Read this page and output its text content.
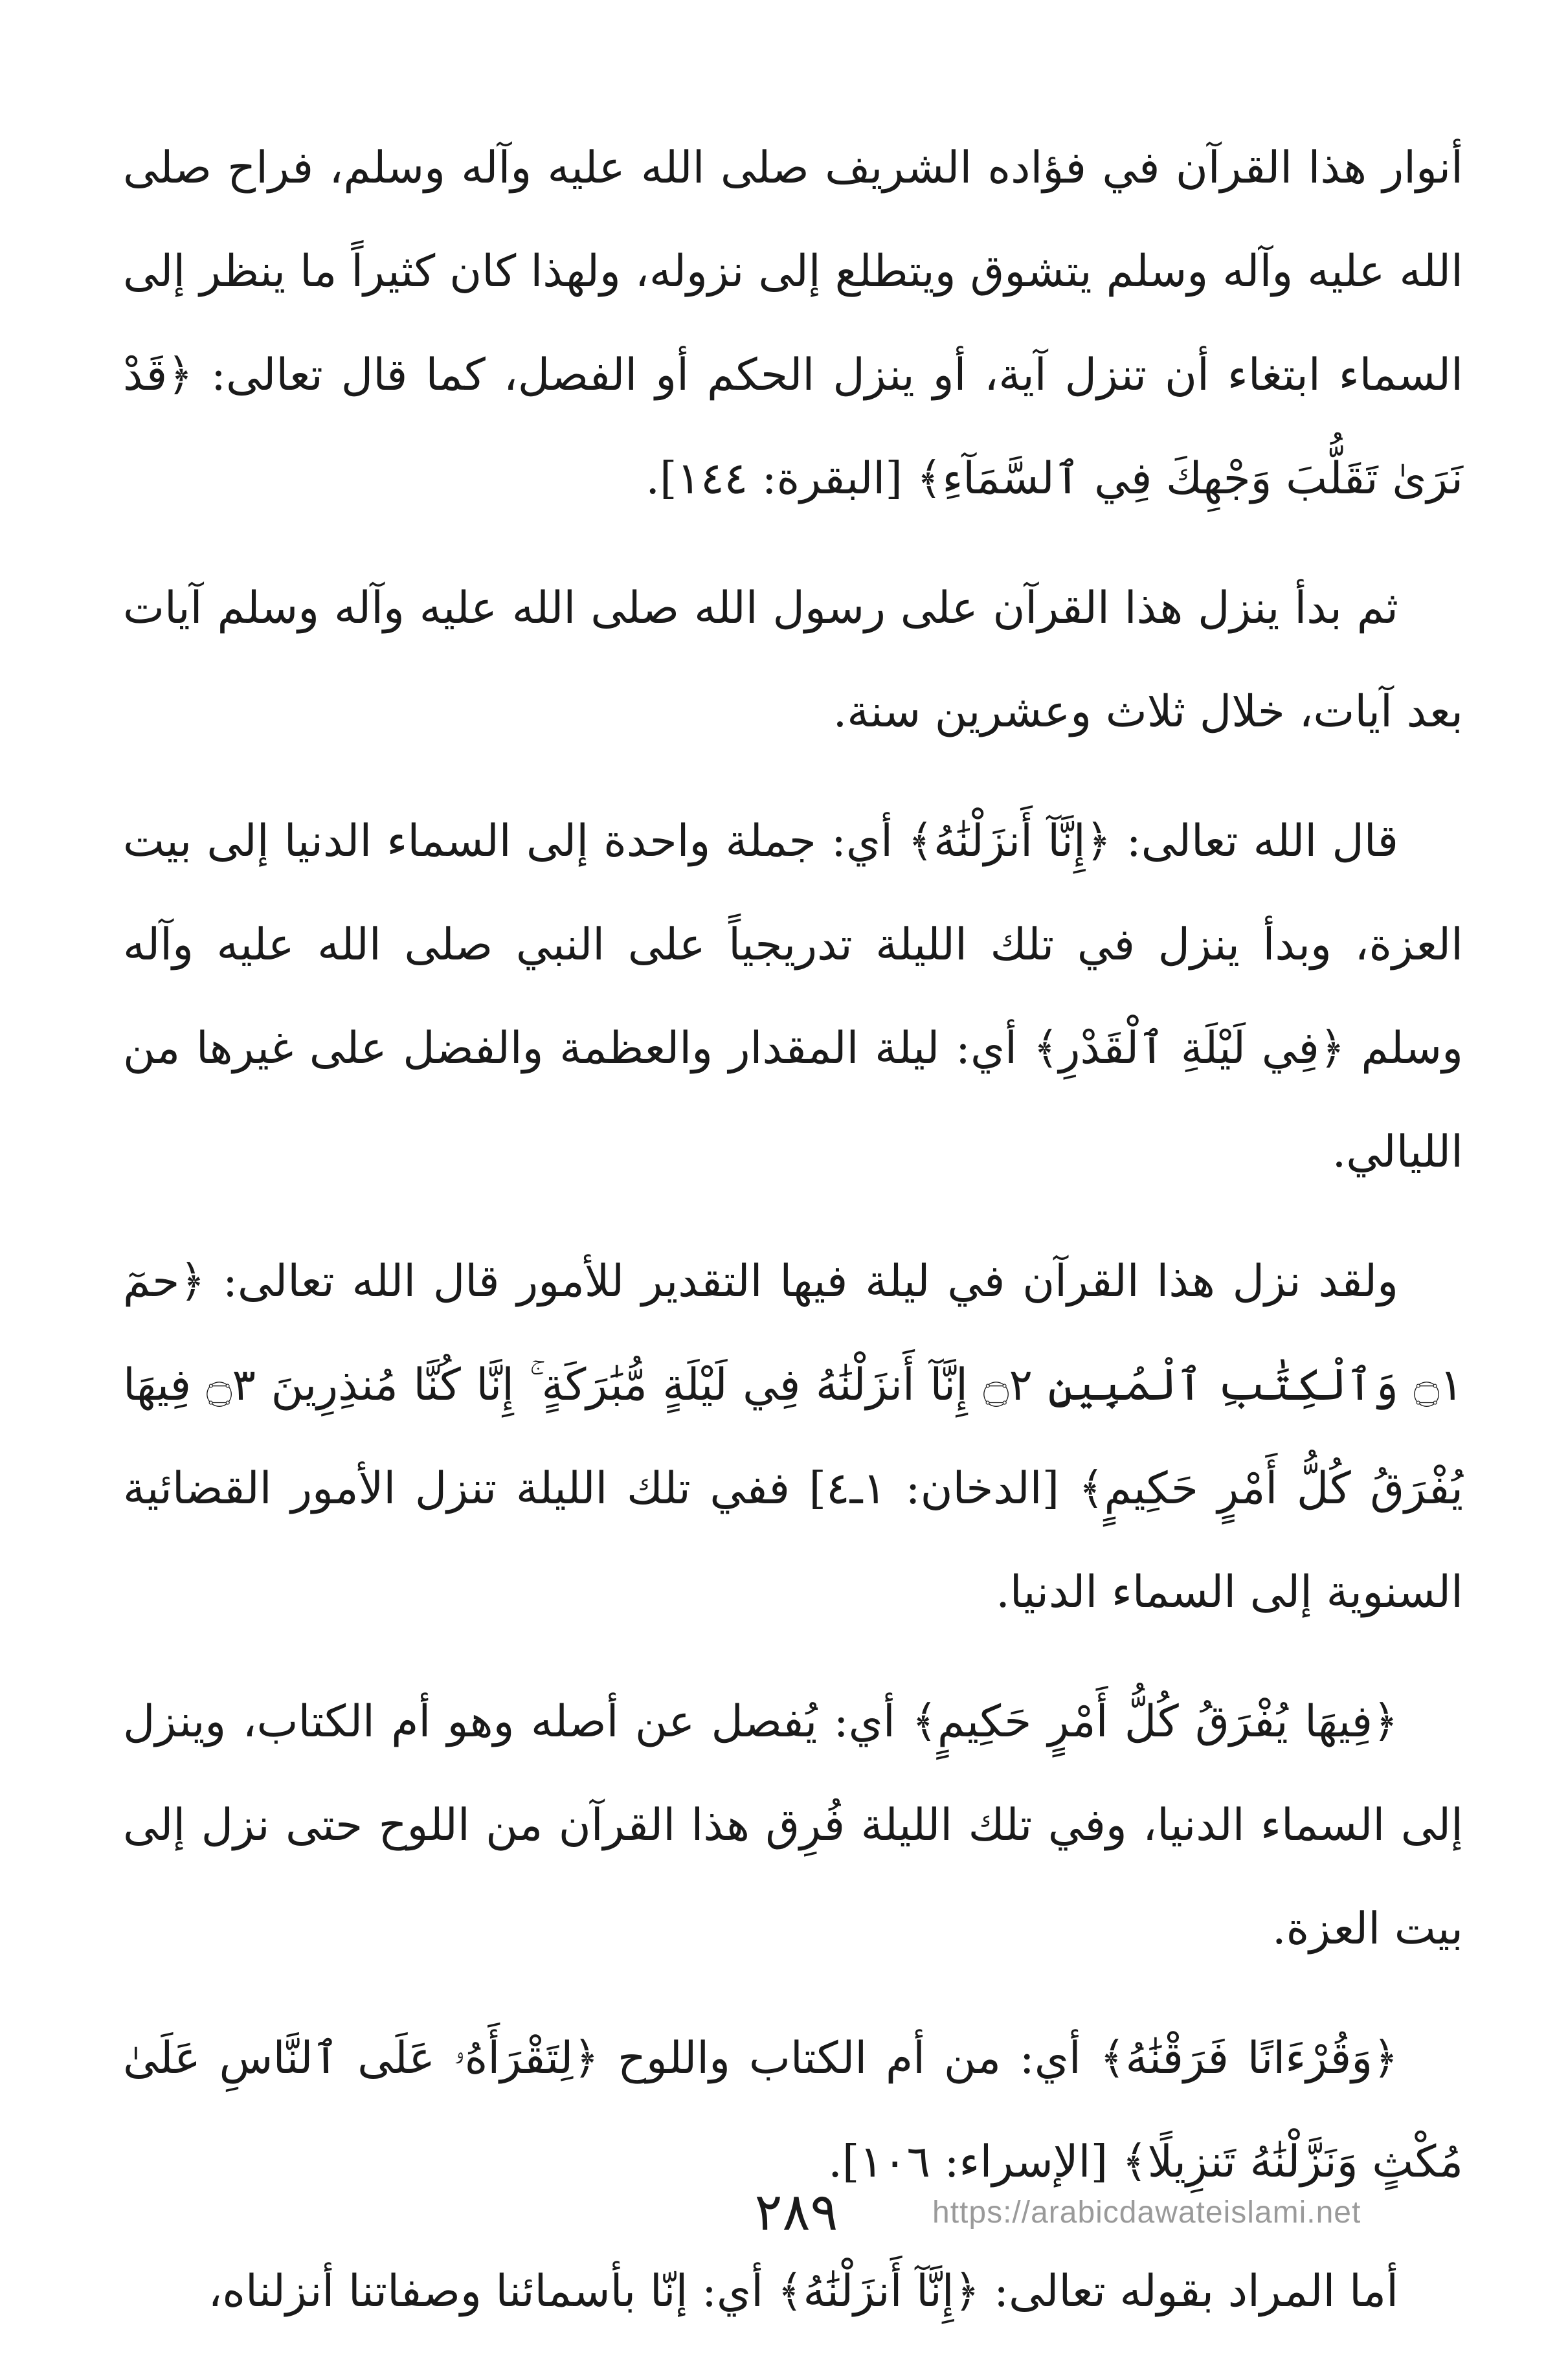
أنوار هذا القرآن في فؤاده الشريف صلى الله عليه وآله وسلم، فراح صلى الله عليه وآله وسلم يتشوق ويتطلع إلى نزوله، ولهذا كان كثيراً ما ينظر إلى السماء ابتغاء أن تنزل آية، أو ينزل الحكم أو الفصل، كما قال تعالى: ﴿قَدْ نَرَىٰ تَقَلُّبَ وَجْهِكَ فِي ٱلسَّمَآءِ﴾ [البقرة: ١٤٤].

ثم بدأ ينزل هذا القرآن على رسول الله صلى الله عليه وآله وسلم آيات بعد آيات، خلال ثلاث وعشرين سنة.

قال الله تعالى: ﴿إِنَّآ أَنزَلْنَٰهُ﴾ أي: جملة واحدة إلى السماء الدنيا إلى بيت العزة، وبدأ ينزل في تلك الليلة تدريجياً على النبي صلى الله عليه وآله وسلم ﴿فِي لَيْلَةِ ٱلْقَدْرِ﴾ أي: ليلة المقدار والعظمة والفضل على غيرها من الليالي.

ولقد نزل هذا القرآن في ليلة فيها التقدير للأمور قال الله تعالى: ﴿حمٓ ۝١ وَٱلْكِتَٰبِ ٱلْمُبِينِ ۝٢ إِنَّآ أَنزَلْنَٰهُ فِي لَيْلَةٍ مُّبَٰرَكَةٍ ۚ إِنَّا كُنَّا مُنذِرِينَ ۝٣ فِيهَا يُفْرَقُ كُلُّ أَمْرٍ حَكِيمٍ﴾ [الدخان: ١ـ٤] ففي تلك الليلة تنزل الأمور القضائية السنوية إلى السماء الدنيا.

﴿فِيهَا يُفْرَقُ كُلُّ أَمْرٍ حَكِيمٍ﴾ أي: يُفصل عن أصله وهو أم الكتاب، وينزل إلى السماء الدنيا، وفي تلك الليلة فُرِق هذا القرآن من اللوح حتى نزل إلى بيت العزة.

﴿وَقُرْءَانًا فَرَقْنَٰهُ﴾ أي: من أم الكتاب واللوح ﴿لِتَقْرَأَهُۥ عَلَى ٱلنَّاسِ عَلَىٰ مُكْثٍ وَنَزَّلْنَٰهُ تَنزِيلًا﴾ [الإسراء: ١٠٦].

أما المراد بقوله تعالى: ﴿إِنَّآ أَنزَلْنَٰهُ﴾ أي: إنّا بأسمائنا وصفاتنا أنزلناه،

٢٨٩	https://arabicdawateislami.net
